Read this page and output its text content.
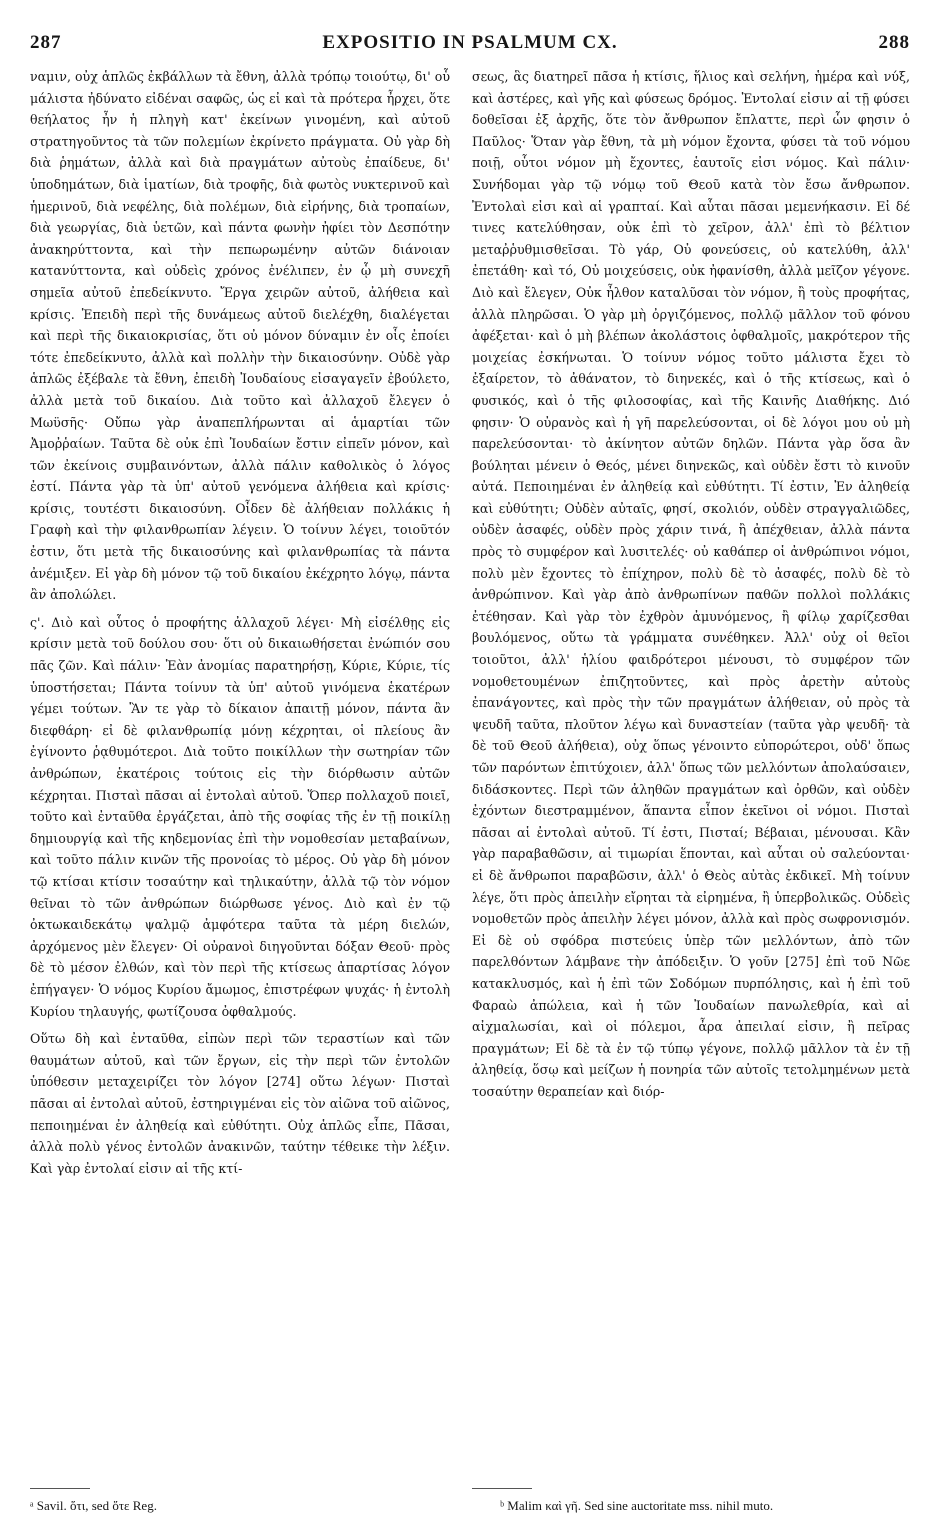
287	EXPOSITIO IN PSALMUM CX.	288

ναμιν, οὐχ ἁπλῶς ἐκβάλλων τὰ ἔθνη, ἀλλὰ τρόπῳ τοιούτῳ, δι' οὗ μάλιστα ἠδύνατο εἰδέναι σαφῶς, ὡς εἰ καὶ τὰ πρότερα ἦρχει, ὅτε θεήλατος ἦν ἡ πληγὴ κατ' ἐκείνων γινομένη, καὶ αὐτοῦ στρατηγοῦντος τὰ τῶν πολεμίων ἐκρίνετο πράγματα. Οὐ γὰρ δὴ διὰ ῥημάτων, ἀλλὰ καὶ διὰ πραγμάτων αὐτοὺς ἐπαίδευε, δι' ὑποδημάτων, διὰ ἱματίων, διὰ τροφῆς, διὰ φωτὸς νυκτερινοῦ καὶ ἡμερινοῦ, διὰ νεφέλης, διὰ πολέμων, διὰ εἰρήνης, διὰ τροπαίων, διὰ γεωργίας, διὰ ὑετῶν, καὶ πάντα φωνὴν ἠφίει τὸν Δεσπότην ἀνακηρύττοντα, καὶ τὴν πεπωρωμένην αὐτῶν διάνοιαν κατανύττοντα, καὶ οὐδεὶς χρόνος ἐνέλιπεν, ἐν ᾧ μὴ συνεχῆ σημεῖα αὐτοῦ ἐπεδείκνυτο. Ἔργα χειρῶν αὐτοῦ, ἀλήθεια καὶ κρίσις. Ἐπειδὴ περὶ τῆς δυνάμεως αὐτοῦ διελέχθη, διαλέγεται καὶ περὶ τῆς δικαιοκρισίας, ὅτι οὐ μόνον δύναμιν ἐν οἷς ἐποίει τότε ἐπεδείκνυτο, ἀλλὰ καὶ πολλὴν τὴν δικαιοσύνην. Οὐδὲ γὰρ ἁπλῶς ἐξέβαλε τὰ ἔθνη, ἐπειδὴ Ἰουδαίους εἰσαγαγεῖν ἐβούλετο, ἀλλὰ μετὰ τοῦ δικαίου. Διὰ τοῦτο καὶ ἀλλαχοῦ ἔλεγεν ὁ Μωϋσῆς· Οὔπω γὰρ ἀναπεπλήρωνται αἱ ἁμαρτίαι τῶν Ἀμοῤῥαίων. Ταῦτα δὲ οὐκ ἐπὶ Ἰουδαίων ἔστιν εἰπεῖν μόνον, καὶ τῶν ἐκείνοις συμβαινόντων, ἀλλὰ πάλιν καθολικὸς ὁ λόγος ἐστί. Πάντα γὰρ τὰ ὑπ' αὐτοῦ γενόμενα ἀλήθεια καὶ κρίσις· κρίσις, τουτέστι δικαιοσύνη. Οἶδεν δὲ ἀλήθειαν πολλάκις ἡ Γραφὴ καὶ τὴν φιλανθρωπίαν λέγειν. Ὁ τοίνυν λέγει, τοιοῦτόν ἐστιν, ὅτι μετὰ τῆς δικαιοσύνης καὶ φιλανθρωπίας τὰ πάντα ἀνέμιξεν. Εἰ γὰρ δὴ μόνον τῷ τοῦ δικαίου ἐκέχρητο λόγῳ, πάντα ἂν ἀπολώλει.

ς'. Διὸ καὶ οὗτος ὁ προφήτης ἀλλαχοῦ λέγει· Μὴ εἰσέλθῃς εἰς κρίσιν μετὰ τοῦ δούλου σου· ὅτι οὐ δικαιωθήσεται ἐνώπιόν σου πᾶς ζῶν. Καὶ πάλιν· Ἐὰν ἀνομίας παρατηρήσῃ, Κύριε, Κύριε, τίς ὑποστήσεται; Πάντα τοίνυν τὰ ὑπ' αὐτοῦ γινόμενα ἑκατέρων γέμει τούτων. Ἂν τε γὰρ τὸ δίκαιον ἀπαιτῇ μόνον, πάντα ἂν διεφθάρη· εἰ δὲ φιλανθρωπίᾳ μόνῃ κέχρηται, οἱ πλείους ἂν ἐγίνοντο ῥᾳθυμότεροι. Διὰ τοῦτο ποικίλλων τὴν σωτηρίαν τῶν ἀνθρώπων, ἑκατέροις τούτοις εἰς τὴν διόρθωσιν αὐτῶν κέχρηται. Πισταὶ πᾶσαι αἱ ἐντολαὶ αὐτοῦ. Ὅπερ πολλαχοῦ ποιεῖ, τοῦτο καὶ ἐνταῦθα ἐργάζεται, ἀπὸ τῆς σοφίας τῆς ἐν τῇ ποικίλῃ δημιουργίᾳ καὶ τῆς κηδεμονίας ἐπὶ τὴν νομοθεσίαν μεταβαίνων, καὶ τοῦτο πάλιν κινῶν τῆς προνοίας τὸ μέρος. Οὐ γὰρ δὴ μόνον τῷ κτίσαι κτίσιν τοσαύτην καὶ τηλικαύτην, ἀλλὰ τῷ τὸν νόμον θεῖναι τὸ τῶν ἀνθρώπων διώρθωσε γένος. Διὸ καὶ ἐν τῷ ὀκτωκαιδεκάτῳ ψαλμῷ ἀμφότερα ταῦτα τὰ μέρη διελών, ἀρχόμενος μὲν ἔλεγεν· Οἱ οὐρανοὶ διηγοῦνται δόξαν Θεοῦ· πρὸς δὲ τὸ μέσον ἐλθών, καὶ τὸν περὶ τῆς κτίσεως ἀπαρτίσας λόγον ἐπήγαγεν· Ὁ νόμος Κυρίου ἄμωμος, ἐπιστρέφων ψυχάς· ἡ ἐντολὴ Κυρίου τηλαυγής, φωτίζουσα ὀφθαλμούς.

Οὕτω δὴ καὶ ἐνταῦθα, εἰπὼν περὶ τῶν τεραστίων καὶ τῶν θαυμάτων αὐτοῦ, καὶ τῶν ἔργων, εἰς τὴν περὶ τῶν ἐντολῶν ὑπόθεσιν μεταχειρίζει τὸν λόγον [274] οὕτω λέγων· Πισταὶ πᾶσαι αἱ ἐντολαὶ αὐτοῦ, ἐστηριγμέναι εἰς τὸν αἰῶνα τοῦ αἰῶνος, πεποιημέναι ἐν ἀληθείᾳ καὶ εὐθύτητι. Οὐχ ἁπλῶς εἶπε, Πᾶσαι, ἀλλὰ πολὺ γένος ἐντολῶν ἀνακινῶν, ταύτην τέθεικε τὴν λέξιν. Καὶ γὰρ ἐντολαί εἰσιν αἱ τῆς κτί-

σεως, ἃς διατηρεῖ πᾶσα ἡ κτίσις, ἥλιος καὶ σελήνη, ἡμέρα καὶ νύξ, καὶ ἀστέρες, καὶ γῆς καὶ φύσεως δρόμος. Ἐντολαί εἰσιν αἱ τῇ φύσει δοθεῖσαι ἐξ ἀρχῆς, ὅτε τὸν ἄνθρωπον ἔπλαττε, περὶ ὧν φησιν ὁ Παῦλος· Ὅταν γὰρ ἔθνη, τὰ μὴ νόμον ἔχοντα, φύσει τὰ τοῦ νόμου ποιῇ, οὗτοι νόμον μὴ ἔχοντες, ἑαυτοῖς εἰσι νόμος. Καὶ πάλιν· Συνήδομαι γὰρ τῷ νόμῳ τοῦ Θεοῦ κατὰ τὸν ἔσω ἄνθρωπον. Ἐντολαὶ εἰσι καὶ αἱ γραπταί. Καὶ αὗται πᾶσαι μεμενήκασιν. Εἰ δέ τινες κατελύθησαν, οὐκ ἐπὶ τὸ χεῖρον, ἀλλ' ἐπὶ τὸ βέλτιον μεταῤῥυθμισθεῖσαι. Τὸ γάρ, Οὐ φονεύσεις, οὐ κατελύθη, ἀλλ' ἐπετάθη· καὶ τό, Οὐ μοιχεύσεις, οὐκ ἠφανίσθη, ἀλλὰ μεῖζον γέγονε. Διὸ καὶ ἔλεγεν, Οὐκ ἦλθον καταλῦσαι τὸν νόμον, ἢ τοὺς προφήτας, ἀλλὰ πληρῶσαι. Ὁ γὰρ μὴ ὀργιζόμενος, πολλῷ μᾶλλον τοῦ φόνου ἀφέξεται· καὶ ὁ μὴ βλέπων ἀκολάστοις ὀφθαλμοῖς, μακρότερον τῆς μοιχείας ἐσκήνωται. Ὁ τοίνυν νόμος τοῦτο μάλιστα ἔχει τὸ ἐξαίρετον, τὸ ἀθάνατον, τὸ διηνεκές, καὶ ὁ τῆς κτίσεως, καὶ ὁ φυσικός, καὶ ὁ τῆς φιλοσοφίας, καὶ τῆς Καινῆς Διαθήκης. Διό φησιν· Ὁ οὐρανὸς καὶ ἡ γῆ παρελεύσονται, οἱ δὲ λόγοι μου οὐ μὴ παρελεύσονται· τὸ ἀκίνητον αὐτῶν δηλῶν. Πάντα γὰρ ὅσα ἂν βούληται μένειν ὁ Θεός, μένει διηνεκῶς, καὶ οὐδὲν ἔστι τὸ κινοῦν αὐτά. Πεποιημέναι ἐν ἀληθείᾳ καὶ εὐθύτητι. Τί ἐστιν, Ἐν ἀληθείᾳ καὶ εὐθύτητι; Οὐδὲν αὐταῖς, φησί, σκολιόν, οὐδὲν στραγγαλιῶδες, οὐδὲν ἀσαφές, οὐδὲν πρὸς χάριν τινά, ἢ ἀπέχθειαν, ἀλλὰ πάντα πρὸς τὸ συμφέρον καὶ λυσιτελές· οὐ καθάπερ οἱ ἀνθρώπινοι νόμοι, πολὺ μὲν ἔχοντες τὸ ἐπίχηρον, πολὺ δὲ τὸ ἀσαφές, πολὺ δὲ τὸ ἀνθρώπινον. Καὶ γὰρ ἀπὸ ἀνθρωπίνων παθῶν πολλοὶ πολλάκις ἐτέθησαν. Καὶ γὰρ τὸν ἐχθρὸν ἀμυνόμενος, ἢ φίλῳ χαρίζεσθαι βουλόμενος, οὕτω τὰ γράμματα συνέθηκεν. Ἀλλ' οὐχ οἱ θεῖοι τοιοῦτοι, ἀλλ' ἡλίου φαιδρότεροι μένουσι, τὸ συμφέρον τῶν νομοθετουμένων ἐπιζητοῦντες, καὶ πρὸς ἀρετὴν αὐτοὺς ἐπανάγοντες, καὶ πρὸς τὴν τῶν πραγμάτων ἀλήθειαν, οὐ πρὸς τὰ ψευδῆ ταῦτα, πλοῦτον λέγω καὶ δυναστείαν (ταῦτα γὰρ ψευδῆ· τὰ δὲ τοῦ Θεοῦ ἀλήθεια), οὐχ ὅπως γένοιντο εὐπορώτεροι, οὐδ' ὅπως τῶν παρόντων ἐπιτύχοιεν, ἀλλ' ὅπως τῶν μελλόντων ἀπολαύσαιεν, διδάσκοντες. Περὶ τῶν ἀληθῶν πραγμάτων καὶ ὀρθῶν, καὶ οὐδὲν ἐχόντων διεστραμμένον, ἅπαντα εἶπον ἐκεῖνοι οἱ νόμοι. Πισταὶ πᾶσαι αἱ ἐντολαὶ αὐτοῦ. Τί ἐστι, Πισταί; Βέβαιαι, μένουσαι. Κἂν γὰρ παραβαθῶσιν, αἱ τιμωρίαι ἕπονται, καὶ αὗται οὐ σαλεύονται· εἰ δὲ ἄνθρωποι παραβῶσιν, ἀλλ' ὁ Θεὸς αὐτὰς ἐκδικεῖ. Μὴ τοίνυν λέγε, ὅτι πρὸς ἀπειλὴν εἴρηται τὰ εἰρημένα, ἢ ὑπερβολικῶς. Οὐδεὶς νομοθετῶν πρὸς ἀπειλὴν λέγει μόνον, ἀλλὰ καὶ πρὸς σωφρονισμόν. Εἰ δὲ οὐ σφόδρα πιστεύεις ὑπὲρ τῶν μελλόντων, ἀπὸ τῶν παρελθόντων λάμβανε τὴν ἀπόδειξιν. Ὁ γοῦν [275] ἐπὶ τοῦ Νῶε κατακλυσμός, καὶ ἡ ἐπὶ τῶν Σοδόμων πυρπόλησις, καὶ ἡ ἐπὶ τοῦ Φαραὼ ἀπώλεια, καὶ ἡ τῶν Ἰουδαίων πανωλεθρία, καὶ αἱ αἰχμαλωσίαι, καὶ οἱ πόλεμοι, ἆρα ἀπειλαί εἰσιν, ἢ πεῖρας πραγμάτων; Εἰ δὲ τὰ ἐν τῷ τύπῳ γέγονε, πολλῷ μᾶλλον τὰ ἐν τῇ ἀληθείᾳ, ὅσῳ καὶ μείζων ἡ πονηρία τῶν αὐτοῖς τετολμημένων μετὰ τοσαύτην θεραπείαν καὶ διόρ-

ᵃ Savil. ὅτι, sed ὅτε Reg.	ᵇ Malim καὶ γῆ. Sed sine auctoritate mss. nihil muto.
